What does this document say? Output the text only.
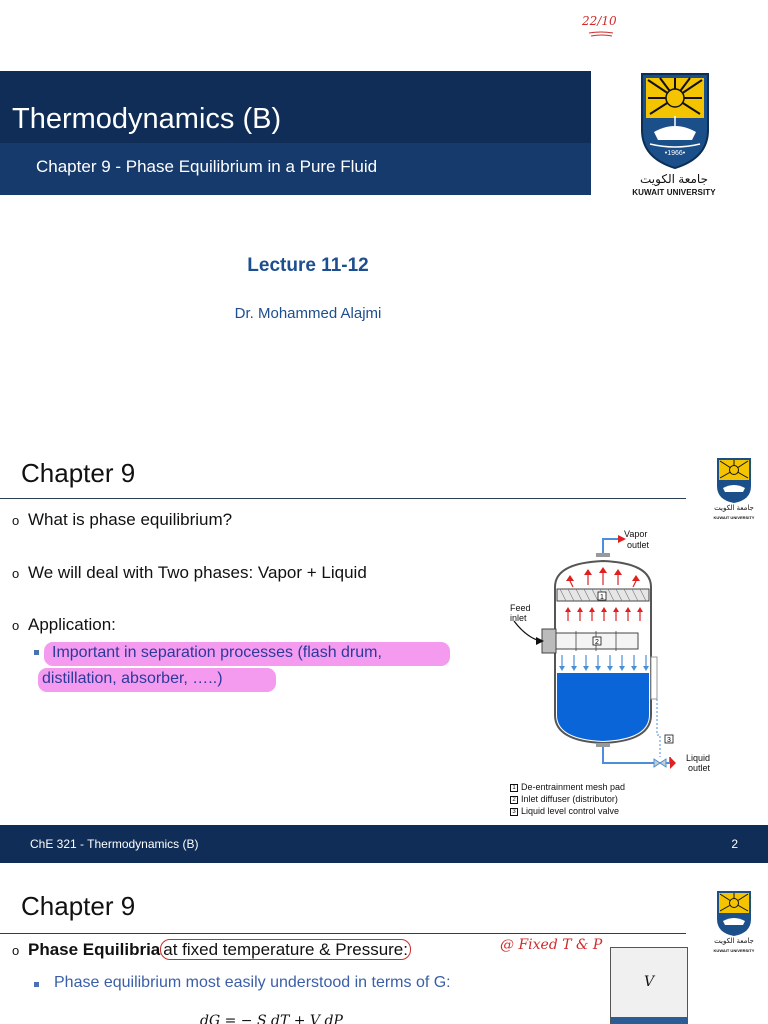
22/10
Thermodynamics (B)
Chapter 9 - Phase Equilibrium in a Pure Fluid
•1966•
جامعة الكويت
KUWAIT UNIVERSITY
Lecture 11-12
Dr. Mohammed Alajmi
Chapter 9
جامعة الكويت
KUWAIT UNIVERSITY
o What is phase equilibrium?
o We will deal with Two phases: Vapor + Liquid
o Application:
Important in separation processes (flash drum,
distillation, absorber, …..)
Vapor
outlet
1
2
Feed
inlet
3
Liquid
outlet
1 De-entrainment mesh pad
2 Inlet diffuser (distributor)
3 Liquid level control valve
ChE 321 - Thermodynamics (B)	2
Chapter 9
جامعة الكويت
KUWAIT UNIVERSITY
o Phase Equilibria at fixed temperature & Pressure:	@ Fixed T & P
Phase equilibrium most easily understood in terms of G:	V
dG = − S dT + V dP
